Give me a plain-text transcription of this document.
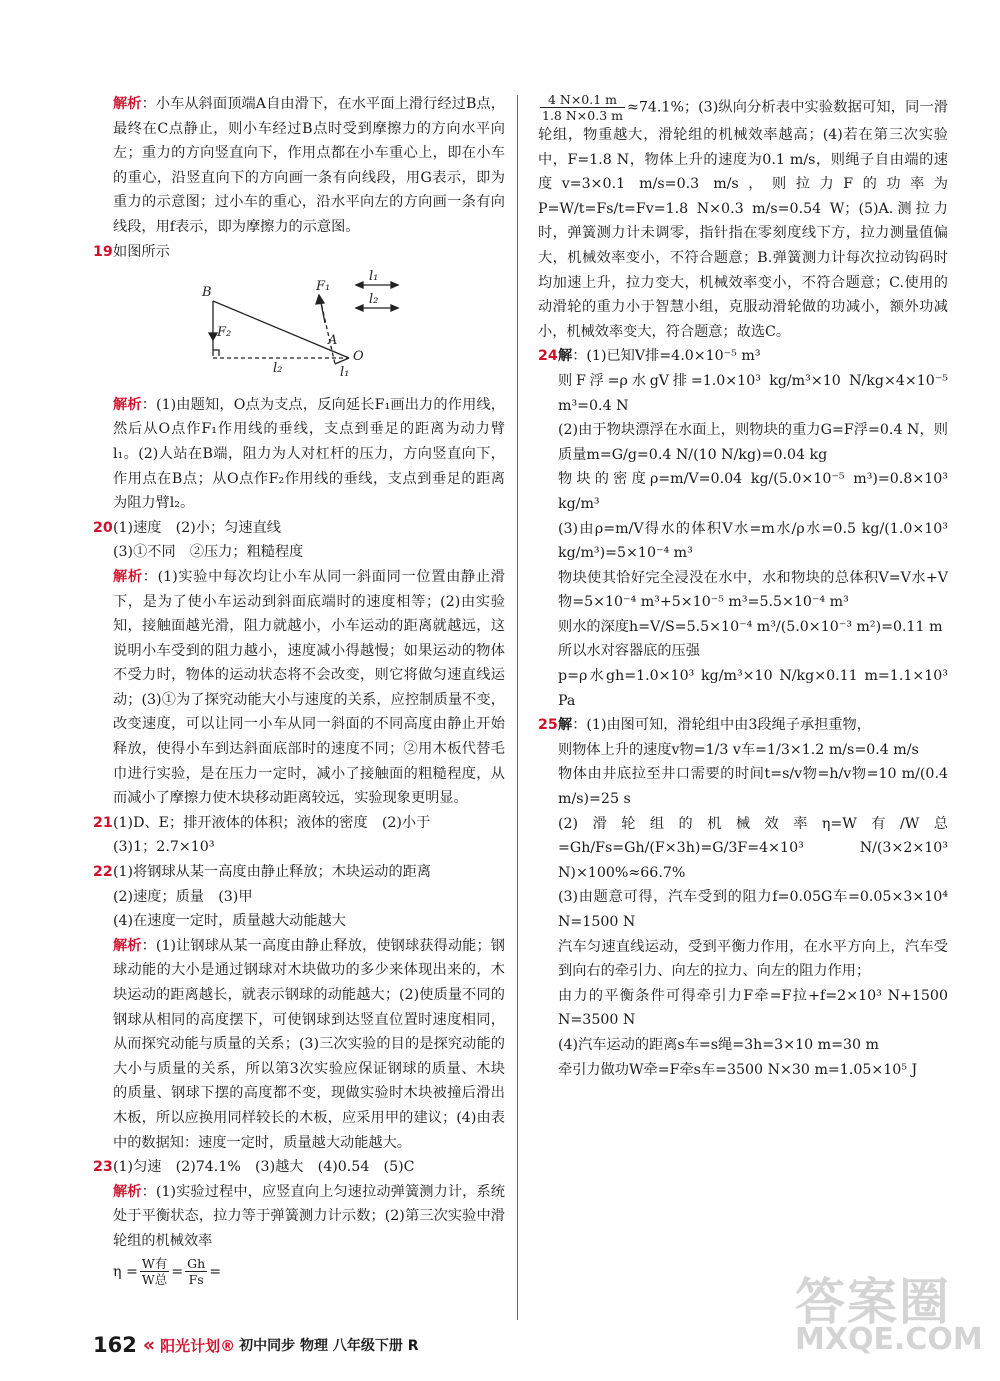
解析：小车从斜面顶端A自由滑下，在水平面上滑行经过B点，最终在C点静止，则小车经过B点时受到摩擦力的方向水平向左；重力的方向竖直向下，作用点都在小车重心上，即在小车的重心，沿竖直向下的方向画一条有向线段，用G表示，即为重力的示意图；过小车的重心，沿水平向左的方向画一条有向线段，用f表示，即为摩擦力的示意图。

19如图所示

B	F₁
F₂
A
O
l₂	l₁
l₁
l₂

解析：(1)由题知，O点为支点，反向延长F₁画出力的作用线，然后从O点作F₁作用线的垂线，支点到垂足的距离为动力臂l₁。(2)人站在B端，阻力为人对杠杆的压力，方向竖直向下，作用点在B点；从O点作F₂作用线的垂线，支点到垂足的距离为阻力臂l₂。

20(1)速度　(2)小；匀速直线

(3)①不同　②压力；粗糙程度

解析：(1)实验中每次均让小车从同一斜面同一位置由静止滑下，是为了使小车运动到斜面底端时的速度相等；(2)由实验知，接触面越光滑，阻力就越小，小车运动的距离就越远，这说明小车受到的阻力越小，速度减小得越慢；如果运动的物体不受力时，物体的运动状态将不会改变，则它将做匀速直线运动；(3)①为了探究动能大小与速度的关系，应控制质量不变，改变速度，可以让同一小车从同一斜面的不同高度由静止开始释放，使得小车到达斜面底部时的速度不同；②用木板代替毛巾进行实验，是在压力一定时，减小了接触面的粗糙程度，从而减小了摩擦力使木块移动距离较远，实验现象更明显。

21(1)D、E；排开液体的体积；液体的密度　(2)小于

(3)1；2.7×10³

22(1)将钢球从某一高度由静止释放；木块运动的距离

(2)速度；质量　(3)甲

(4)在速度一定时，质量越大动能越大

解析：(1)让钢球从某一高度由静止释放，使钢球获得动能；钢球动能的大小是通过钢球对木块做功的多少来体现出来的，木块运动的距离越长，就表示钢球的动能越大；(2)使质量不同的钢球从相同的高度摆下，可使钢球到达竖直位置时速度相同，从而探究动能与质量的关系；(3)三次实验的目的是探究动能的大小与质量的关系，所以第3次实验应保证钢球的质量、木块的质量、钢球下摆的高度都不变，现做实验时木块被撞后滑出木板，所以应换用同样较长的木板，应采用甲的建议；(4)由表中的数据知：速度一定时，质量越大动能越大。

23(1)匀速　(2)74.1%　(3)越大　(4)0.54　(5)C

解析：(1)实验过程中，应竖直向上匀速拉动弹簧测力计，系统处于平衡状态，拉力等于弹簧测力计示数；(2)第三次实验中滑轮组的机械效率

$\eta = \frac{\text{W有}}{\text{W总}} = \frac{Gh}{Fs}$ =

$\frac{4 N\times 0.1 m}{1.8 N\times 0.3 m} \approx 74.1\%$；(3)纵向分析表中实验数据可知，同一滑轮组，物重越大，滑轮组的机械效率越高；(4)若在第三次实验中，F=1.8 N，物体上升的速度为0.1 m/s，则绳子自由端的速度v=3×0.1 m/s=0.3 m/s，则拉力F的功率为P=W/t=Fs/t=Fv=1.8 N×0.3 m/s=0.54 W；(5)A.测拉力时，弹簧测力计未调零，指针指在零刻度线下方，拉力测量值偏大，机械效率变小，不符合题意；B.弹簧测力计每次拉动钩码时均加速上升，拉力变大，机械效率变小，不符合题意；C.使用的动滑轮的重力小于智慧小组，克服动滑轮做的功减小，额外功减小，机械效率变大，符合题意；故选C。

24解：(1)已知V排=4.0×10⁻⁵ m³

则F浮=ρ水gV排=1.0×10³ kg/m³×10 N/kg×4×10⁻⁵ m³=0.4 N

(2)由于物块漂浮在水面上，则物块的重力G=F浮=0.4 N，则质量m=G/g=0.4 N/(10 N/kg)=0.04 kg

物块的密度ρ=m/V=0.04 kg/(5.0×10⁻⁵ m³)=0.8×10³ kg/m³

(3)由ρ=m/V得水的体积V水=m水/ρ水=0.5 kg/(1.0×10³ kg/m³)=5×10⁻⁴ m³

物块使其恰好完全浸没在水中，水和物块的总体积V=V水+V物=5×10⁻⁴ m³+5×10⁻⁵ m³=5.5×10⁻⁴ m³

则水的深度h=V/S=5.5×10⁻⁴ m³/(5.0×10⁻³ m²)=0.11 m

所以水对容器底的压强

p=ρ水gh=1.0×10³ kg/m³×10 N/kg×0.11 m=1.1×10³ Pa

25解：(1)由图可知，滑轮组中由3段绳子承担重物，

则物体上升的速度v物=1/3 v车=1/3×1.2 m/s=0.4 m/s

物体由井底拉至井口需要的时间t=s/v物=h/v物=10 m/(0.4 m/s)=25 s

(2)滑轮组的机械效率η=W有/W总=Gh/Fs=Gh/(F×3h)=G/3F=4×10³ N/(3×2×10³ N)×100%≈66.7%

(3)由题意可得，汽车受到的阻力f=0.05G车=0.05×3×10⁴ N=1500 N

汽车匀速直线运动，受到平衡力作用，在水平方向上，汽车受到向右的牵引力、向左的拉力、向左的阻力作用；

由力的平衡条件可得牵引力F牵=F拉+f=2×10³ N+1500 N=3500 N

(4)汽车运动的距离s车=s绳=3h=3×10 m=30 m

牵引力做功W牵=F牵s车=3500 N×30 m=1.05×10⁵ J

162 « 阳光计划® 初中同步 物理 八年级下册 R
答案圈
MXQE.COM
